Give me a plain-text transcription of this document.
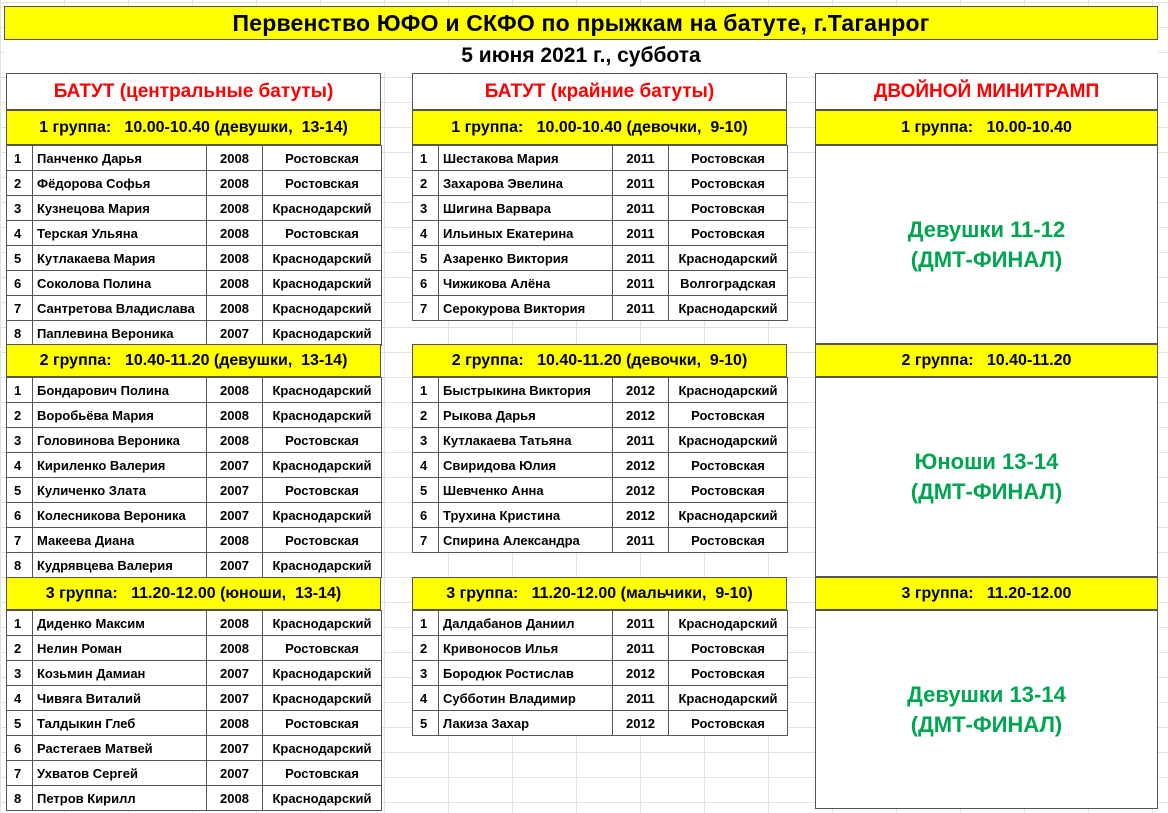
Первенство ЮФО и СКФО по прыжкам на батуте, г.Таганрог
5 июня 2021 г., суббота
БАТУТ (центральные батуты)	БАТУТ (крайние батуты)	ДВОЙНОЙ МИНИТРАМП
1 группа:   10.00-10.40 (девушки,  13-14)
1	Панченко Дарья	2008	Ростовская
2	Фёдорова Софья	2008	Ростовская
3	Кузнецова Мария	2008	Краснодарский
4	Терская Ульяна	2008	Ростовская
5	Кутлакаева Мария	2008	Краснодарский
6	Соколова Полина	2008	Краснодарский
7	Сантретова Владислава	2008	Краснодарский
8	Паплевина Вероника	2007	Краснодарский
2 группа:   10.40-11.20 (девушки,  13-14)
1	Бондарович Полина	2008	Краснодарский
2	Воробьёва Мария	2008	Краснодарский
3	Головинова Вероника	2008	Ростовская
4	Кириленко Валерия	2007	Краснодарский
5	Куличенко Злата	2007	Ростовская
6	Колесникова Вероника	2007	Краснодарский
7	Макеева Диана	2008	Ростовская
8	Кудрявцева Валерия	2007	Краснодарский
3 группа:   11.20-12.00 (юноши,  13-14)
1	Диденко Максим	2008	Краснодарский
2	Нелин Роман	2008	Ростовская
3	Козьмин Дамиан	2007	Краснодарский
4	Чивяга Виталий	2007	Краснодарский
5	Талдыкин Глеб	2008	Ростовская
6	Растегаев Матвей	2007	Краснодарский
7	Ухватов Сергей	2007	Ростовская
8	Петров Кирилл	2008	Краснодарский
1 группа:   10.00-10.40 (девочки,  9-10)
1	Шестакова Мария	2011	Ростовская
2	Захарова Эвелина	2011	Ростовская
3	Шигина Варвара	2011	Ростовская
4	Ильиных Екатерина	2011	Ростовская
5	Азаренко Виктория	2011	Краснодарский
6	Чижикова Алёна	2011	Волгоградская
7	Серокурова Виктория	2011	Краснодарский
2 группа:   10.40-11.20 (девочки,  9-10)
1	Быстрыкина Виктория	2012	Краснодарский
2	Рыкова Дарья	2012	Ростовская
3	Кутлакаева Татьяна	2011	Краснодарский
4	Свиридова Юлия	2012	Ростовская
5	Шевченко Анна	2012	Ростовская
6	Трухина Кристина	2012	Краснодарский
7	Спирина Александра	2011	Ростовская
3 группа:   11.20-12.00 (мальчики,  9-10)
1	Далдабанов Даниил	2011	Краснодарский
2	Кривоносов Илья	2011	Ростовская
3	Бородюк Ростислав	2012	Ростовская
4	Субботин Владимир	2011	Краснодарский
5	Лакиза Захар	2012	Ростовская
1 группа:   10.00-10.40
Девушки 11-12
(ДМТ-ФИНАЛ)
2 группа:   10.40-11.20
Юноши 13-14
(ДМТ-ФИНАЛ)
3 группа:   11.20-12.00
Девушки 13-14
(ДМТ-ФИНАЛ)
